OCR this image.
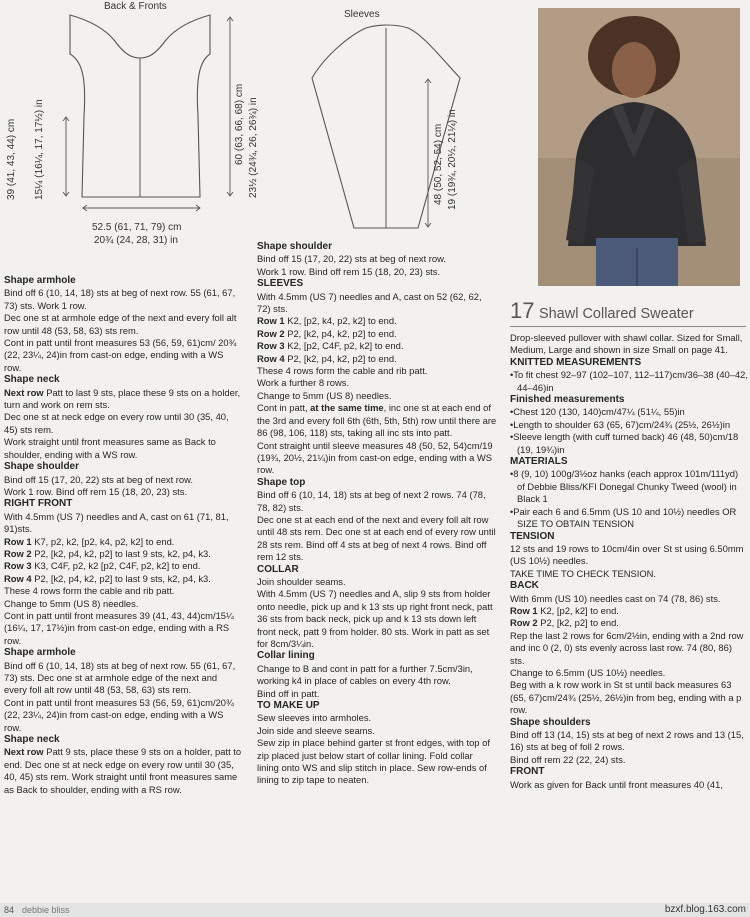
Back & Fronts
39 (41, 43, 44) cm 15¼ (16¼, 17, 17½) in	60 (63, 66, 68) cm 23½ (24¾, 26, 26¾) in
52.5 (61, 71, 79) cm
20¾ (24, 28, 31) in
Sleeves
48 (50, 52, 54) cm 19 (19¾, 20½, 21¼) in

Shape armhole

Bind off 6 (10, 14, 18) sts at beg of next row. 55 (61, 67, 73) sts. Work 1 row.

Dec one st at armhole edge of the next and every foll alt row until 48 (53, 58, 63) sts rem.

Cont in patt until front measures 53 (56, 59, 61)cm/ 20¾ (22, 23¼, 24)in from cast-on edge, ending with a WS row.

Shape neck

Next row Patt to last 9 sts, place these 9 sts on a holder, turn and work on rem sts.

Dec one st at neck edge on every row until 30 (35, 40, 45) sts rem.

Work straight until front measures same as Back to shoulder, ending with a WS row.

Shape shoulder

Bind off 15 (17, 20, 22) sts at beg of next row.

Work 1 row. Bind off rem 15 (18, 20, 23) sts.

RIGHT FRONT

With 4.5mm (US 7) needles and A, cast on 61 (71, 81, 91)sts.

Row 1 K7, p2, k2, [p2, k4, p2, k2] to end.

Row 2 P2, [k2, p4, k2, p2] to last 9 sts, k2, p4, k3.

Row 3 K3, C4F, p2, k2 [p2, C4F, p2, k2] to end.

Row 4 P2, [k2, p4, k2, p2] to last 9 sts, k2, p4, k3.

These 4 rows form the cable and rib patt.

Change to 5mm (US 8) needles.

Cont in patt until front measures 39 (41, 43, 44)cm/15¼ (16¼, 17, 17½)in from cast-on edge, ending with a RS row.

Shape armhole

Bind off 6 (10, 14, 18) sts at beg of next row. 55 (61, 67, 73) sts. Dec one st at armhole edge of the next and every foll alt row until 48 (53, 58, 63) sts rem.

Cont in patt until front measures 53 (56, 59, 61)cm/20¾ (22, 23¼, 24)in from cast-on edge, ending with a WS row.

Shape neck

Next row Patt 9 sts, place these 9 sts on a holder, patt to end. Dec one st at neck edge on every row until 30 (35, 40, 45) sts rem. Work straight until front measures same as Back to shoulder, ending with a RS row.

Shape shoulder

Bind off 15 (17, 20, 22) sts at beg of next row.

Work 1 row. Bind off rem 15 (18, 20, 23) sts.

SLEEVES

With 4.5mm (US 7) needles and A, cast on 52 (62, 62, 72) sts.

Row 1 K2, [p2, k4, p2, k2] to end.

Row 2 P2, [k2, p4, k2, p2] to end.

Row 3 K2, [p2, C4F, p2, k2] to end.

Row 4 P2, [k2, p4, k2, p2] to end.

These 4 rows form the cable and rib patt.

Work a further 8 rows.

Change to 5mm (US 8) needles.

Cont in patt, at the same time, inc one st at each end of the 3rd and every foll 6th (6th, 5th, 5th) row until there are 86 (98, 106, 118) sts, taking all inc sts into patt.

Cont straight until sleeve measures 48 (50, 52, 54)cm/19 (19¾, 20½, 21¼)in from cast-on edge, ending with a WS row.

Shape top

Bind off 6 (10, 14, 18) sts at beg of next 2 rows. 74 (78, 78, 82) sts.

Dec one st at each end of the next and every foll alt row until 48 sts rem. Dec one st at each end of every row until 28 sts rem. Bind off 4 sts at beg of next 4 rows. Bind off rem 12 sts.

COLLAR

Join shoulder seams.

With 4.5mm (US 7) needles and A, slip 9 sts from holder onto needle, pick up and k 13 sts up right front neck, patt 36 sts from back neck, pick up and k 13 sts down left front neck, patt 9 from holder. 80 sts. Work in patt as set for 8cm/3¼in.

Collar lining

Change to B and cont in patt for a further 7.5cm/3in, working k4 in place of cables on every 4th row.

Bind off in patt.

TO MAKE UP

Sew sleeves into armholes.

Join side and sleeve seams.

Sew zip in place behind garter st front edges, with top of zip placed just below start of collar lining. Fold collar lining onto WS and slip stitch in place. Sew row-ends of lining to zip tape to neaten.

17 Shawl Collared Sweater

Drop-sleeved pullover with shawl collar. Sized for Small, Medium, Large and shown in size Small on page 41.

KNITTED MEASUREMENTS

•To fit chest 92–97 (102–107, 112–117)cm/36–38 (40–42, 44–46)in

Finished measurements

•Chest 120 (130, 140)cm/47¼ (51¼, 55)in

•Length to shoulder 63 (65, 67)cm/24¾ (25½, 26½)in

•Sleeve length (with cuff turned back) 46 (48, 50)cm/18 (19, 19¾)in

MATERIALS

•8 (9, 10) 100g/3½oz hanks (each approx 101m/111yd) of Debbie Bliss/KFI Donegal Chunky Tweed (wool) in Black 1

•Pair each 6 and 6.5mm (US 10 and 10½) needles OR SIZE TO OBTAIN TENSION

TENSION

12 sts and 19 rows to 10cm/4in over St st using 6.50mm (US 10½) needles.

TAKE TIME TO CHECK TENSION.

BACK

With 6mm (US 10) needles cast on 74 (78, 86) sts.

Row 1 K2, [p2, k2] to end.

Row 2 P2, [k2, p2] to end.

Rep the last 2 rows for 6cm/2½in, ending with a 2nd row and inc 0 (2, 0) sts evenly across last row. 74 (80, 86) sts.

Change to 6.5mm (US 10½) needles.

Beg with a k row work in St st until back measures 63 (65, 67)cm/24¾ (25½, 26½)in from beg, ending with a p row.

Shape shoulders

Bind off 13 (14, 15) sts at beg of next 2 rows and 13 (15, 16) sts at beg of foll 2 rows.

Bind off rem 22 (22, 24) sts.

FRONT

Work as given for Back until front measures 40 (41,

84 debbie bliss	bzxf.blog.163.com
